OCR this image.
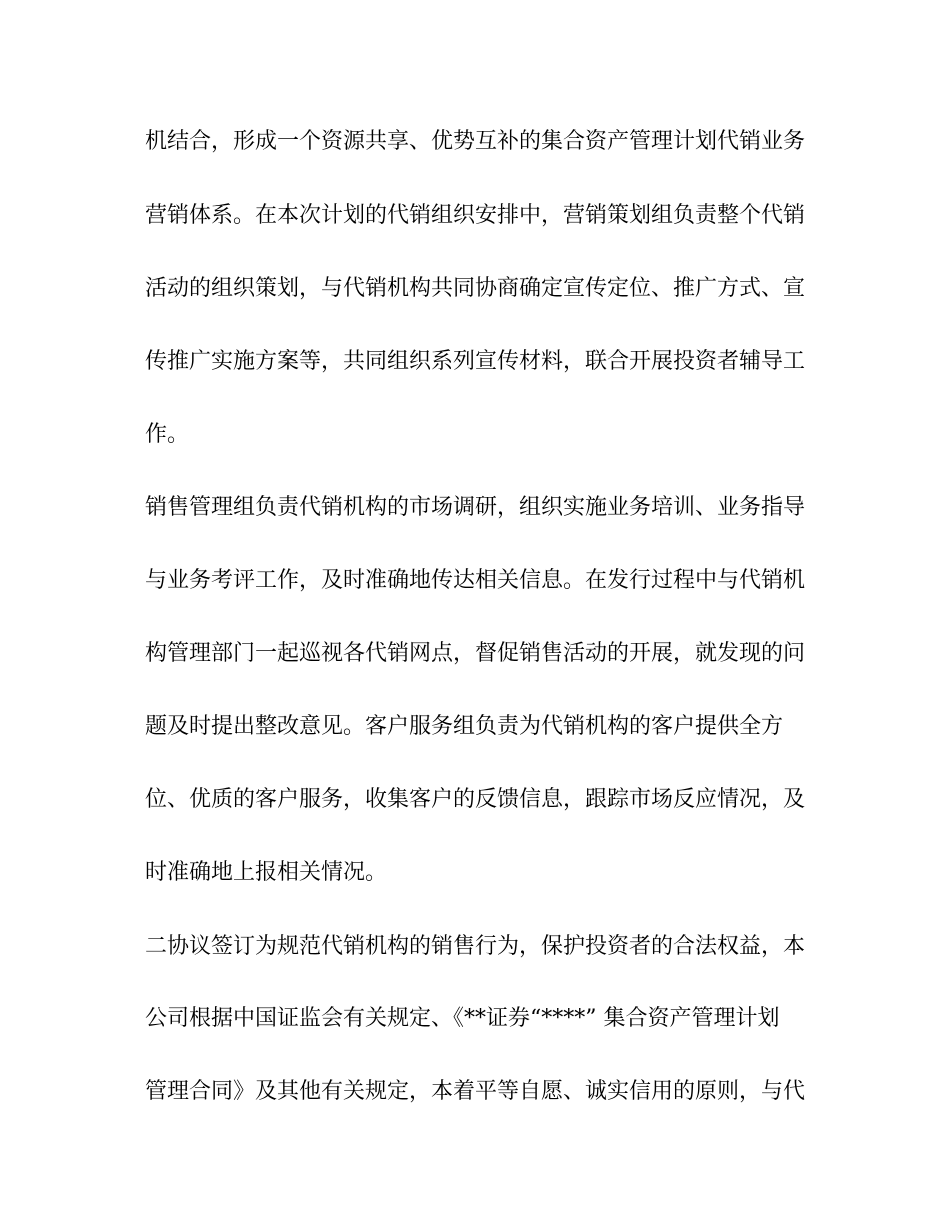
机结合，形成一个资源共享、优势互补的集合资产管理计划代销业务
营销体系。在本次计划的代销组织安排中，营销策划组负责整个代销
活动的组织策划，与代销机构共同协商确定宣传定位、推广方式、宣
传推广实施方案等，共同组织系列宣传材料，联合开展投资者辅导工
作。
销售管理组负责代销机构的市场调研，组织实施业务培训、业务指导
与业务考评工作，及时准确地传达相关信息。在发行过程中与代销机
构管理部门一起巡视各代销网点，督促销售活动的开展，就发现的问
题及时提出整改意见。客户服务组负责为代销机构的客户提供全方
位、优质的客户服务，收集客户的反馈信息，跟踪市场反应情况，及
时准确地上报相关情况。
二协议签订为规范代销机构的销售行为，保护投资者的合法权益，本
公司根据中国证监会有关规定、《**证券“****” 集合资产管理计划
管理合同》及其他有关规定，本着平等自愿、诚实信用的原则，与代
